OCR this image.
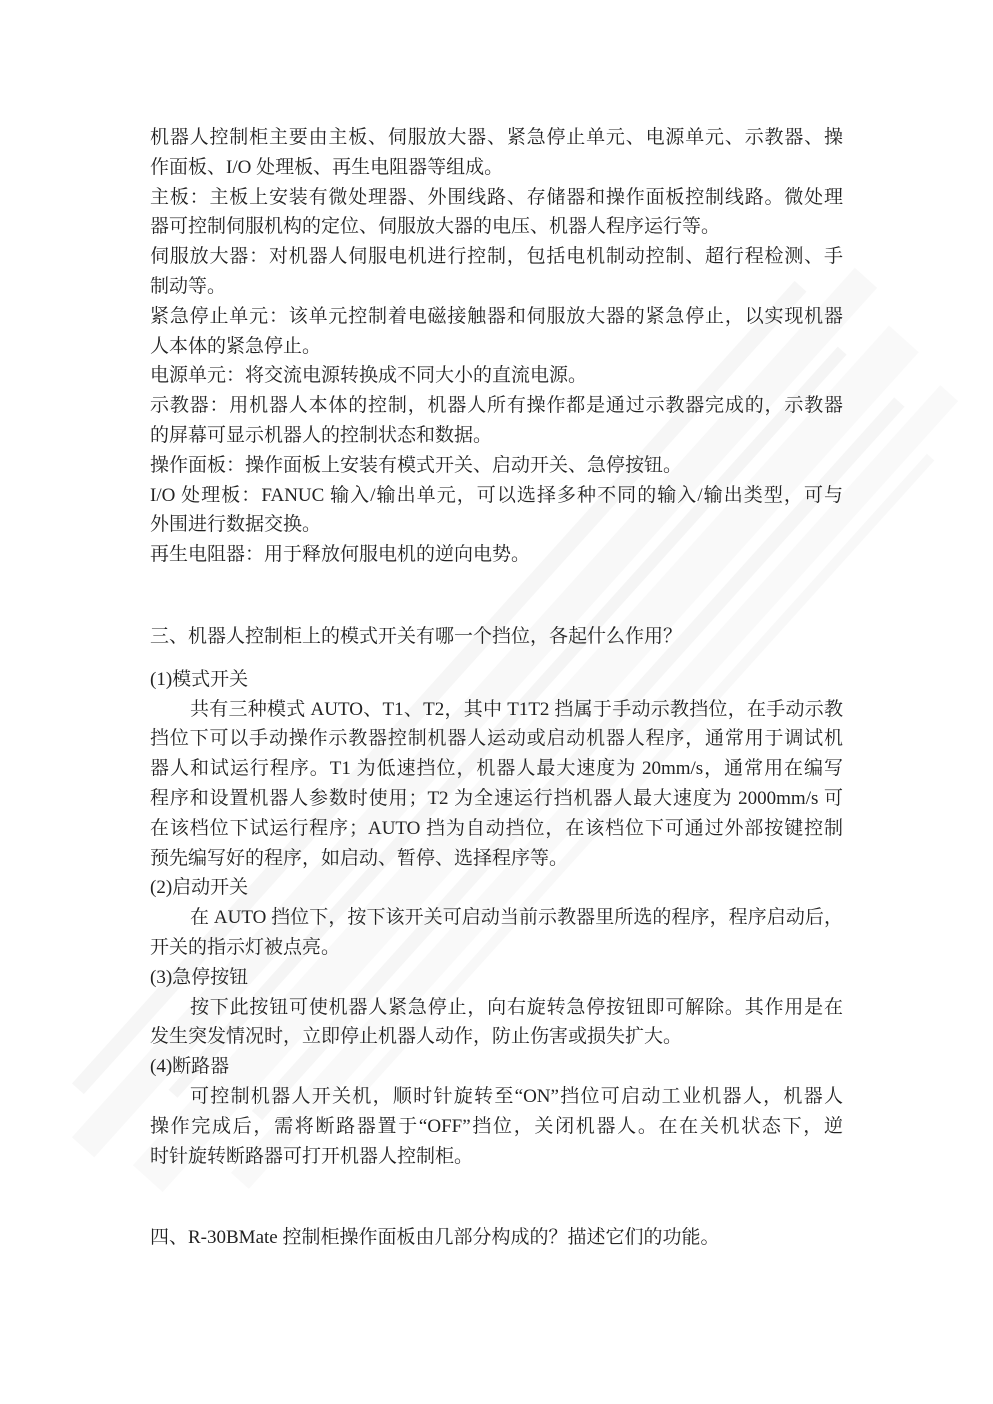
机器人控制柜主要由主板、伺服放大器、紧急停止单元、电源单元、示教器、操
作面板、I/O 处理板、再生电阻器等组成。
主板：主板上安装有微处理器、外围线路、存储器和操作面板控制线路。微处理
器可控制伺服机构的定位、伺服放大器的电压、机器人程序运行等。
伺服放大器：对机器人伺服电机进行控制，包括电机制动控制、超行程检测、手
制动等。
紧急停止单元：该单元控制着电磁接触器和伺服放大器的紧急停止，以实现机器
人本体的紧急停止。
电源单元：将交流电源转换成不同大小的直流电源。
示教器：用机器人本体的控制，机器人所有操作都是通过示教器完成的，示教器
的屏幕可显示机器人的控制状态和数据。
操作面板：操作面板上安装有模式开关、启动开关、急停按钮。
I/O 处理板：FANUC 输入/输出单元，可以选择多种不同的输入/输出类型，可与
外围进行数据交换。
再生电阻器：用于释放何服电机的逆向电势。
三、机器人控制柜上的模式开关有哪一个挡位，各起什么作用？
(1)模式开关
共有三种模式 AUTO、T1、T2，其中 T1T2 挡属于手动示教挡位，在手动示教
挡位下可以手动操作示教器控制机器人运动或启动机器人程序，通常用于调试机
器人和试运行程序。T1 为低速挡位，机器人最大速度为 20mm/s，通常用在编写
程序和设置机器人参数时使用；T2 为全速运行挡机器人最大速度为 2000mm/s 可
在该档位下试运行程序；AUTO 挡为自动挡位，在该档位下可通过外部按键控制
预先编写好的程序，如启动、暂停、选择程序等。
(2)启动开关
在 AUTO 挡位下，按下该开关可启动当前示教器里所选的程序，程序启动后，
开关的指示灯被点亮。
(3)急停按钮
按下此按钮可使机器人紧急停止，向右旋转急停按钮即可解除。其作用是在
发生突发情况时，立即停止机器人动作，防止伤害或损失扩大。
(4)断路器
可控制机器人开关机，顺时针旋转至“ON”挡位可启动工业机器人，机器人
操作完成后，需将断路器置于“OFF”挡位，关闭机器人。在在关机状态下，逆
时针旋转断路器可打开机器人控制柜。
四、R-30BMate 控制柜操作面板由几部分构成的？描述它们的功能。
